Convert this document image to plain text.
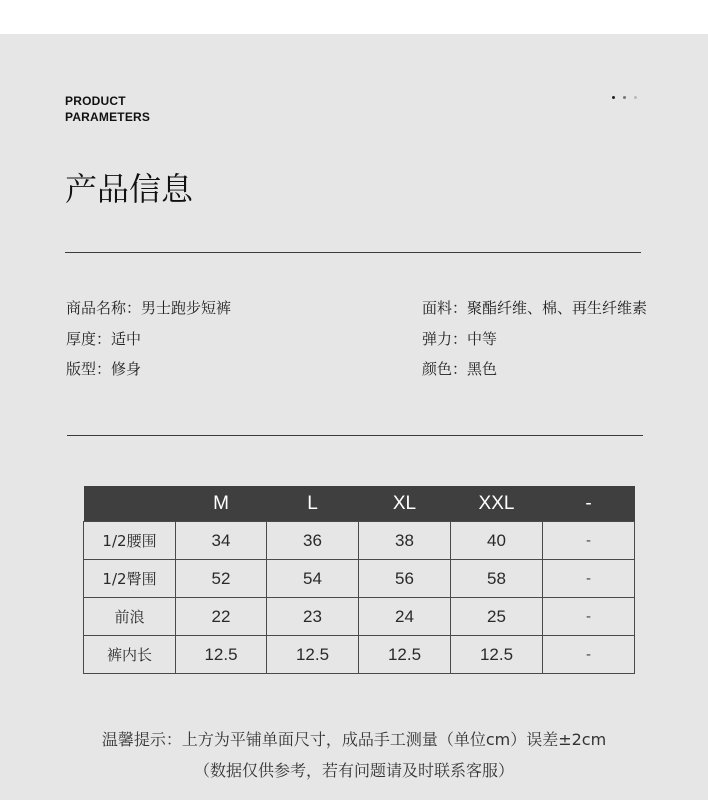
PRODUCT
PARAMETERS
产品信息
商品名称：男士跑步短裤	面料：聚酯纤维、棉、再生纤维素
厚度：适中	弹力：中等
版型：修身	颜色：黑色
	M	L	XL	XXL	-
1/2腰围	34	36	38	40	-
1/2臀围	52	54	56	58	-
前浪	22	23	24	25	-
裤内长	12.5	12.5	12.5	12.5	-
温馨提示：上方为平铺单面尺寸，成品手工测量（单位cm）误差±2cm
（数据仅供参考，若有问题请及时联系客服）
